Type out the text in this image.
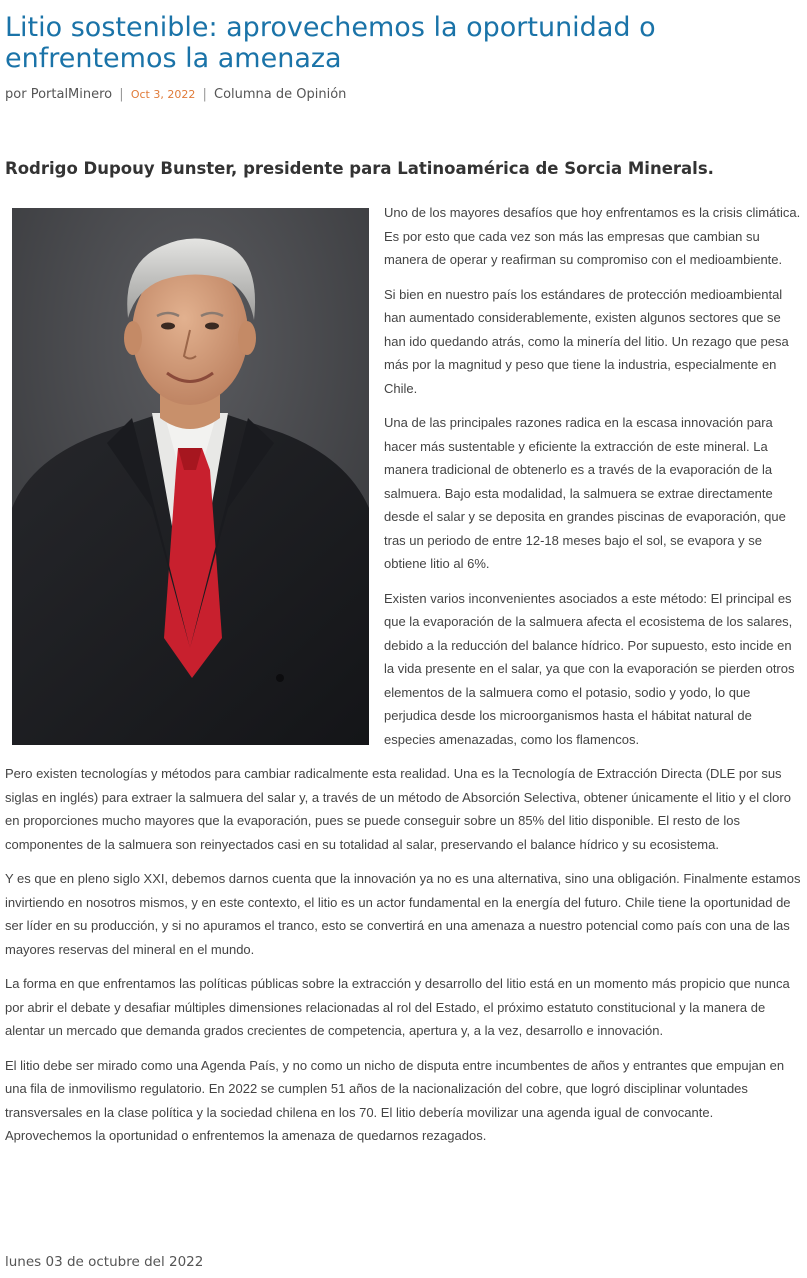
Litio sostenible: aprovechemos la oportunidad o enfrentemos la amenaza
por PortalMinero | Oct 3, 2022 | Columna de Opinión
Rodrigo Dupouy Bunster, presidente para Latinoamérica de Sorcia Minerals.

Uno de los mayores desafíos que hoy enfrentamos es la crisis climática. Es por esto que cada vez son más las empresas que cambian su manera de operar y reafirman su compromiso con el medioambiente.

Si bien en nuestro país los estándares de protección medioambiental han aumentado considerablemente, existen algunos sectores que se han ido quedando atrás, como la minería del litio. Un rezago que pesa más por la magnitud y peso que tiene la industria, especialmente en Chile.

Una de las principales razones radica en la escasa innovación para hacer más sustentable y eficiente la extracción de este mineral. La manera tradicional de obtenerlo es a través de la evaporación de la salmuera. Bajo esta modalidad, la salmuera se extrae directamente desde el salar y se deposita en grandes piscinas de evaporación, que tras un periodo de entre 12-18 meses bajo el sol, se evapora y se obtiene litio al 6%.

Existen varios inconvenientes asociados a este método: El principal es que la evaporación de la salmuera afecta el ecosistema de los salares, debido a la reducción del balance hídrico. Por supuesto, esto incide en la vida presente en el salar, ya que con la evaporación se pierden otros elementos de la salmuera como el potasio, sodio y yodo, lo que perjudica desde los microorganismos hasta el hábitat natural de especies amenazadas, como los flamencos.

Pero existen tecnologías y métodos para cambiar radicalmente esta realidad. Una es la Tecnología de Extracción Directa (DLE por sus siglas en inglés) para extraer la salmuera del salar y, a través de un método de Absorción Selectiva, obtener únicamente el litio y el cloro en proporciones mucho mayores que la evaporación, pues se puede conseguir sobre un 85% del litio disponible. El resto de los componentes de la salmuera son reinyectados casi en su totalidad al salar, preservando el balance hídrico y su ecosistema.

Y es que en pleno siglo XXI, debemos darnos cuenta que la innovación ya no es una alternativa, sino una obligación. Finalmente estamos invirtiendo en nosotros mismos, y en este contexto, el litio es un actor fundamental en la energía del futuro. Chile tiene la oportunidad de ser líder en su producción, y si no apuramos el tranco, esto se convertirá en una amenaza a nuestro potencial como país con una de las mayores reservas del mineral en el mundo.

La forma en que enfrentamos las políticas públicas sobre la extracción y desarrollo del litio está en un momento más propicio que nunca por abrir el debate y desafiar múltiples dimensiones relacionadas al rol del Estado, el próximo estatuto constitucional y la manera de alentar un mercado que demanda grados crecientes de competencia, apertura y, a la vez, desarrollo e innovación.

El litio debe ser mirado como una Agenda País, y no como un nicho de disputa entre incumbentes de años y entrantes que empujan en una fila de inmovilismo regulatorio. En 2022 se cumplen 51 años de la nacionalización del cobre, que logró disciplinar voluntades transversales en la clase política y la sociedad chilena en los 70. El litio debería movilizar una agenda igual de convocante. Aprovechemos la oportunidad o enfrentemos la amenaza de quedarnos rezagados.

lunes 03 de octubre del 2022
